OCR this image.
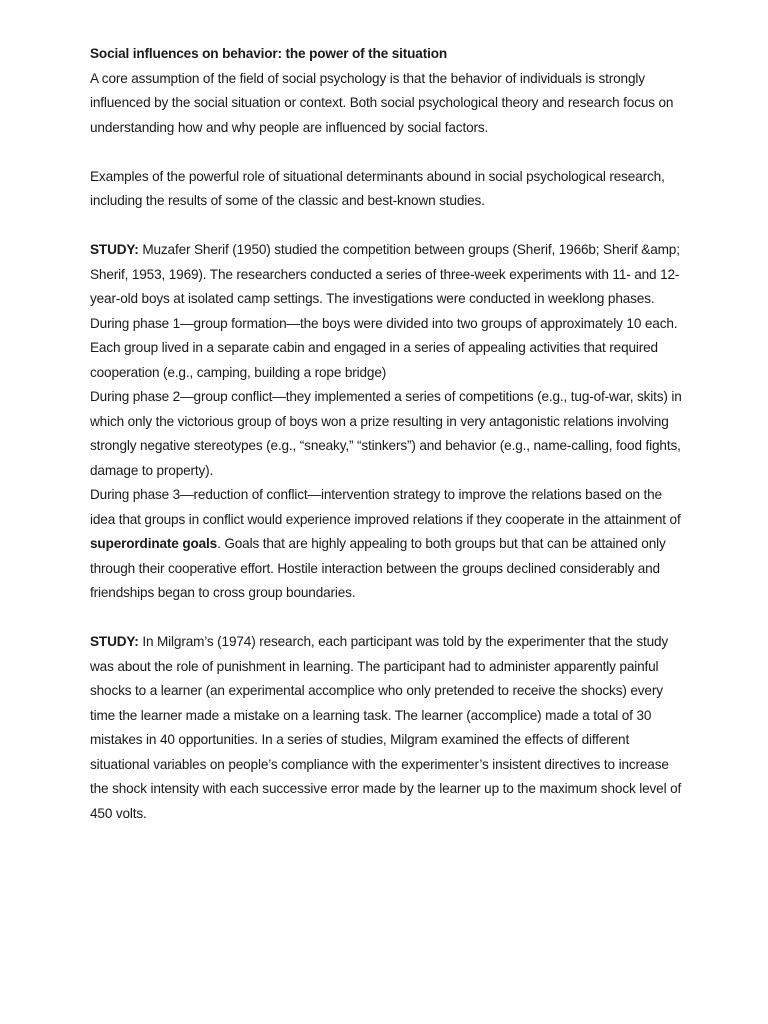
Social influences on behavior: the power of the situation

A core assumption of the field of social psychology is that the behavior of individuals is strongly influenced by the social situation or context. Both social psychological theory and research focus on understanding how and why people are influenced by social factors.

Examples of the powerful role of situational determinants abound in social psychological research, including the results of some of the classic and best-known studies.

STUDY: Muzafer Sherif (1950) studied the competition between groups (Sherif, 1966b; Sherif &amp; Sherif, 1953, 1969). The researchers conducted a series of three-week experiments with 11- and 12-year-old boys at isolated camp settings. The investigations were conducted in weeklong phases.

During phase 1—group formation—the boys were divided into two groups of approximately 10 each. Each group lived in a separate cabin and engaged in a series of appealing activities that required cooperation (e.g., camping, building a rope bridge)

During phase 2—group conflict—they implemented a series of competitions (e.g., tug-of-war, skits) in which only the victorious group of boys won a prize resulting in very antagonistic relations involving strongly negative stereotypes (e.g., “sneaky,” “stinkers”) and behavior (e.g., name-calling, food fights, damage to property).

During phase 3—reduction of conflict—intervention strategy to improve the relations based on the idea that groups in conflict would experience improved relations if they cooperate in the attainment of superordinate goals. Goals that are highly appealing to both groups but that can be attained only through their cooperative effort. Hostile interaction between the groups declined considerably and friendships began to cross group boundaries.

STUDY: In Milgram’s (1974) research, each participant was told by the experimenter that the study was about the role of punishment in learning. The participant had to administer apparently painful shocks to a learner (an experimental accomplice who only pretended to receive the shocks) every time the learner made a mistake on a learning task. The learner (accomplice) made a total of 30 mistakes in 40 opportunities. In a series of studies, Milgram examined the effects of different situational variables on people’s compliance with the experimenter’s insistent directives to increase the shock intensity with each successive error made by the learner up to the maximum shock level of 450 volts.
